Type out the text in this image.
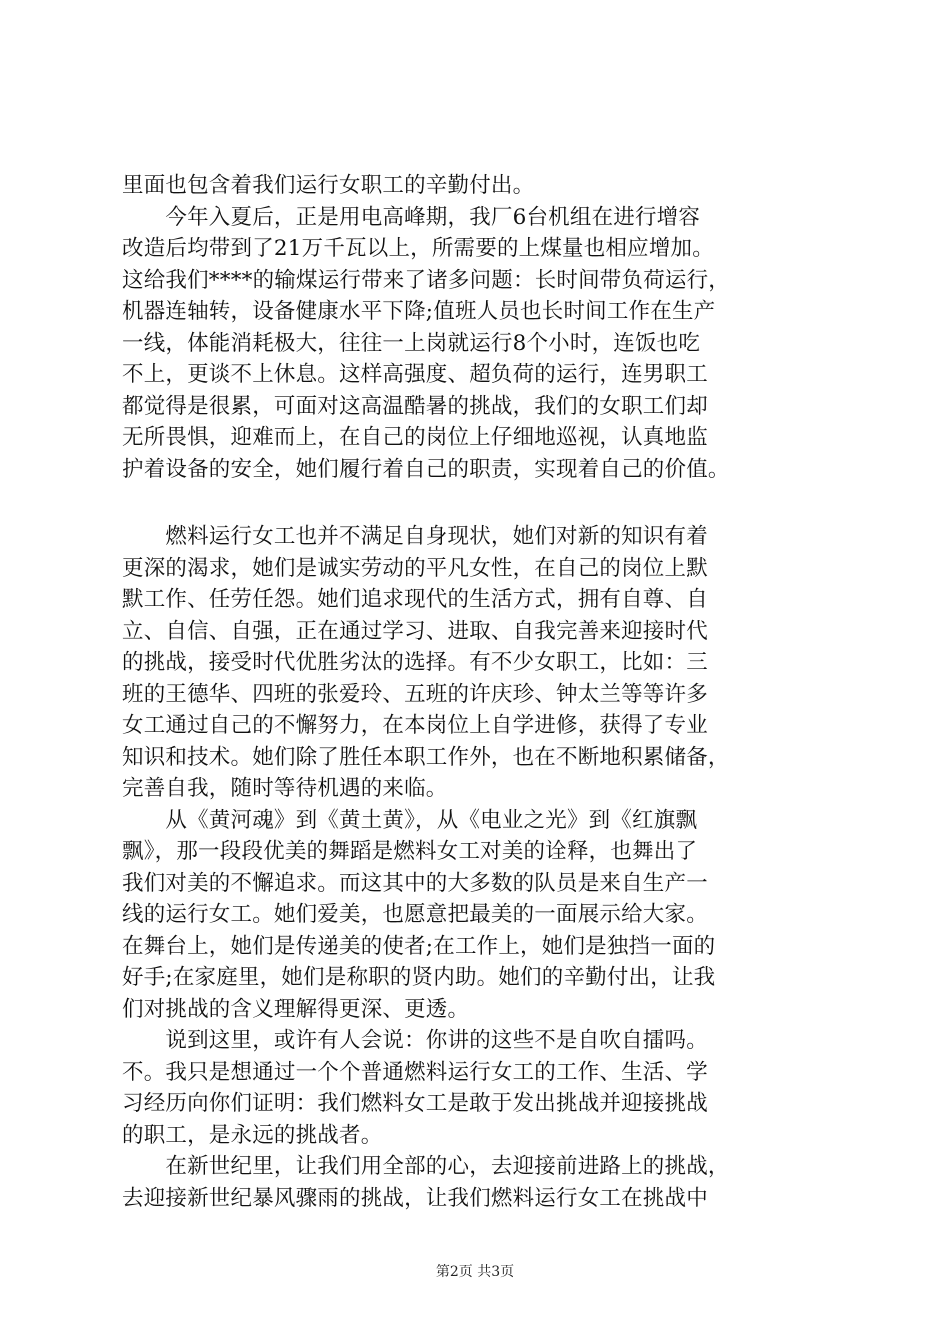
里面也包含着我们运行女职工的辛勤付出。
　　今年入夏后，正是用电高峰期，我厂6台机组在进行增容
改造后均带到了21万千瓦以上，所需要的上煤量也相应增加。
这给我们****的输煤运行带来了诸多问题：长时间带负荷运行，
机器连轴转，设备健康水平下降;值班人员也长时间工作在生产
一线，体能消耗极大，往往一上岗就运行8个小时，连饭也吃
不上，更谈不上休息。这样高强度、超负荷的运行，连男职工
都觉得是很累，可面对这高温酷暑的挑战，我们的女职工们却
无所畏惧，迎难而上，在自己的岗位上仔细地巡视，认真地监
护着设备的安全，她们履行着自己的职责，实现着自己的价值。
　　燃料运行女工也并不满足自身现状，她们对新的知识有着
更深的渴求，她们是诚实劳动的平凡女性，在自己的岗位上默
默工作、任劳任怨。她们追求现代的生活方式，拥有自尊、自
立、自信、自强，正在通过学习、进取、自我完善来迎接时代
的挑战，接受时代优胜劣汰的选择。有不少女职工，比如：三
班的王德华、四班的张爱玲、五班的许庆珍、钟太兰等等许多
女工通过自己的不懈努力，在本岗位上自学进修，获得了专业
知识和技术。她们除了胜任本职工作外，也在不断地积累储备，
完善自我，随时等待机遇的来临。
　　从《黄河魂》到《黄土黄》，从《电业之光》到《红旗飘
飘》，那一段段优美的舞蹈是燃料女工对美的诠释，也舞出了
我们对美的不懈追求。而这其中的大多数的队员是来自生产一
线的运行女工。她们爱美，也愿意把最美的一面展示给大家。
在舞台上，她们是传递美的使者;在工作上，她们是独挡一面的
好手;在家庭里，她们是称职的贤内助。她们的辛勤付出，让我
们对挑战的含义理解得更深、更透。
　　说到这里，或许有人会说：你讲的这些不是自吹自擂吗。
不。我只是想通过一个个普通燃料运行女工的工作、生活、学
习经历向你们证明：我们燃料女工是敢于发出挑战并迎接挑战
的职工，是永远的挑战者。
　　在新世纪里，让我们用全部的心，去迎接前进路上的挑战，
去迎接新世纪暴风骤雨的挑战，让我们燃料运行女工在挑战中
第2页 共3页
